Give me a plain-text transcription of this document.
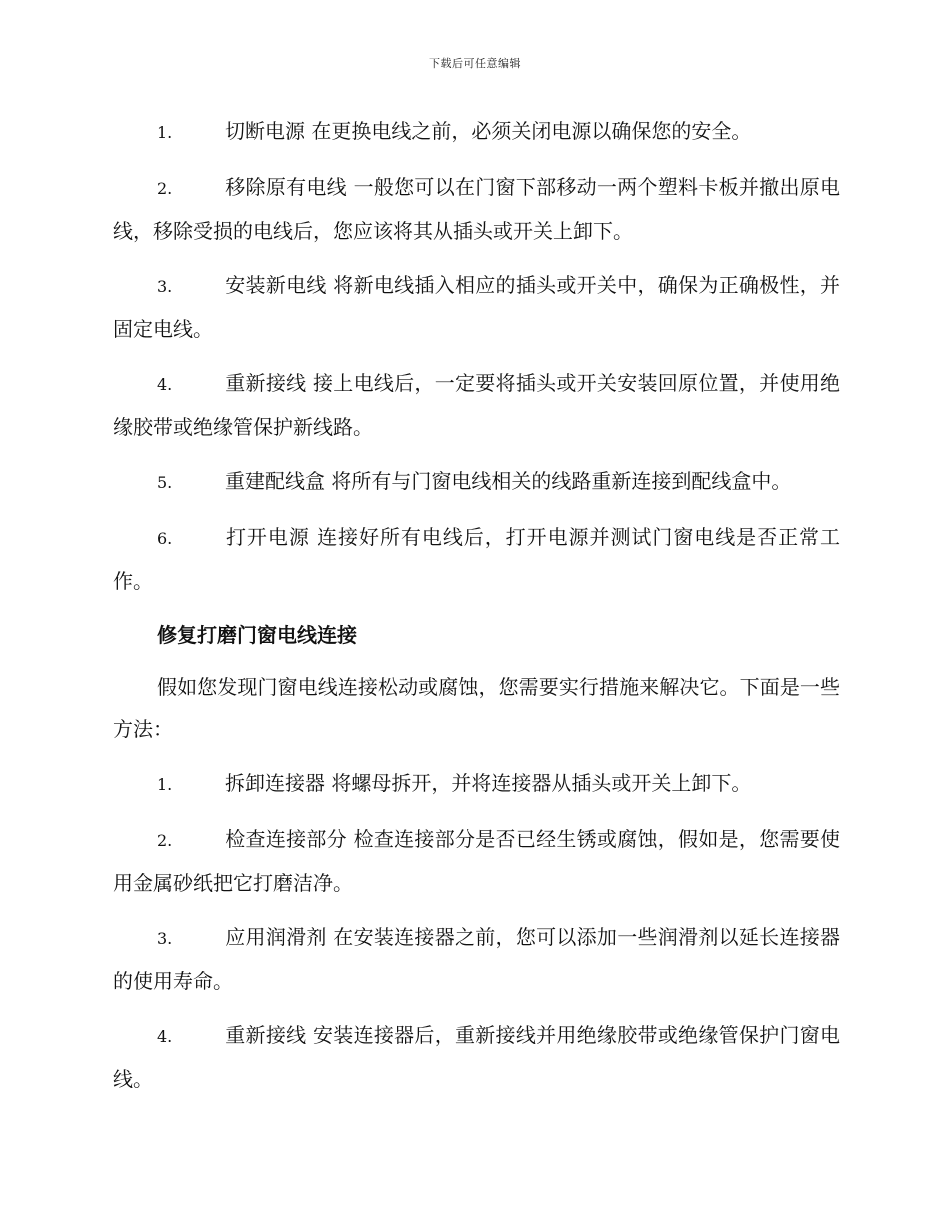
下载后可任意编辑
1.	切断电源 在更换电线之前，必须关闭电源以确保您的安全。
2.	移除原有电线 一般您可以在门窗下部移动一两个塑料卡板并撤出原电线，移除受损的电线后，您应该将其从插头或开关上卸下。
3.	安装新电线 将新电线插入相应的插头或开关中，确保为正确极性，并固定电线。
4.	重新接线 接上电线后，一定要将插头或开关安装回原位置，并使用绝缘胶带或绝缘管保护新线路。
5.	重建配线盒 将所有与门窗电线相关的线路重新连接到配线盒中。
6.	打开电源 连接好所有电线后，打开电源并测试门窗电线是否正常工作。
修复打磨门窗电线连接
假如您发现门窗电线连接松动或腐蚀，您需要实行措施来解决它。下面是一些方法：
1.	拆卸连接器 将螺母拆开，并将连接器从插头或开关上卸下。
2.	检查连接部分 检查连接部分是否已经生锈或腐蚀，假如是，您需要使用金属砂纸把它打磨洁净。
3.	应用润滑剂 在安装连接器之前，您可以添加一些润滑剂以延长连接器的使用寿命。
4.	重新接线 安装连接器后，重新接线并用绝缘胶带或绝缘管保护门窗电线。
